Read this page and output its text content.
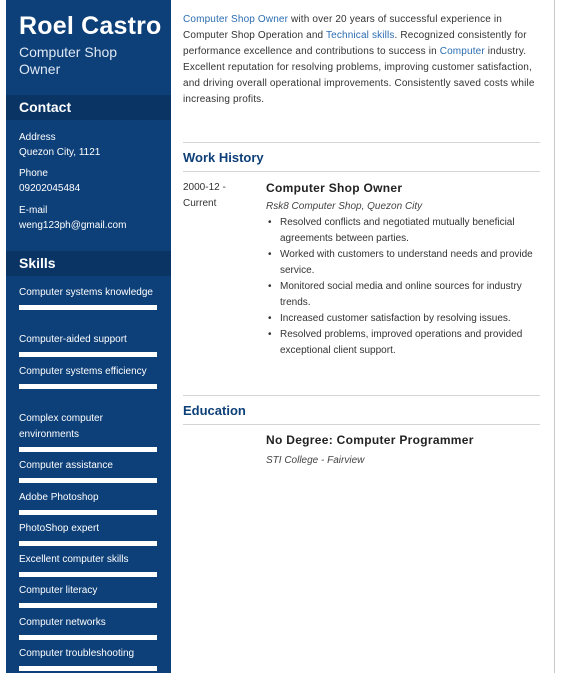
Roel Castro
Computer Shop Owner
Contact
Address
Quezon City, 1121
Phone
09202045484
E-mail
weng123ph@gmail.com
Skills
Computer systems knowledge
Computer-aided support
Computer systems efficiency
Complex computer environments
Computer assistance
Adobe Photoshop
PhotoShop expert
Excellent computer skills
Computer literacy
Computer networks
Computer troubleshooting

Computer Shop Owner with over 20 years of successful experience in Computer Shop Operation and Technical skills. Recognized consistently for performance excellence and contributions to success in Computer industry. Excellent reputation for resolving problems, improving customer satisfaction, and driving overall operational improvements. Consistently saved costs while increasing profits.

Work History
2000-12 - Current
Computer Shop Owner
Rsk8 Computer Shop, Quezon City
• Resolved conflicts and negotiated mutually beneficial agreements between parties.
• Worked with customers to understand needs and provide service.
• Monitored social media and online sources for industry trends.
• Increased customer satisfaction by resolving issues.
• Resolved problems, improved operations and provided exceptional client support.
Education
No Degree: Computer Programmer
STI College - Fairview
